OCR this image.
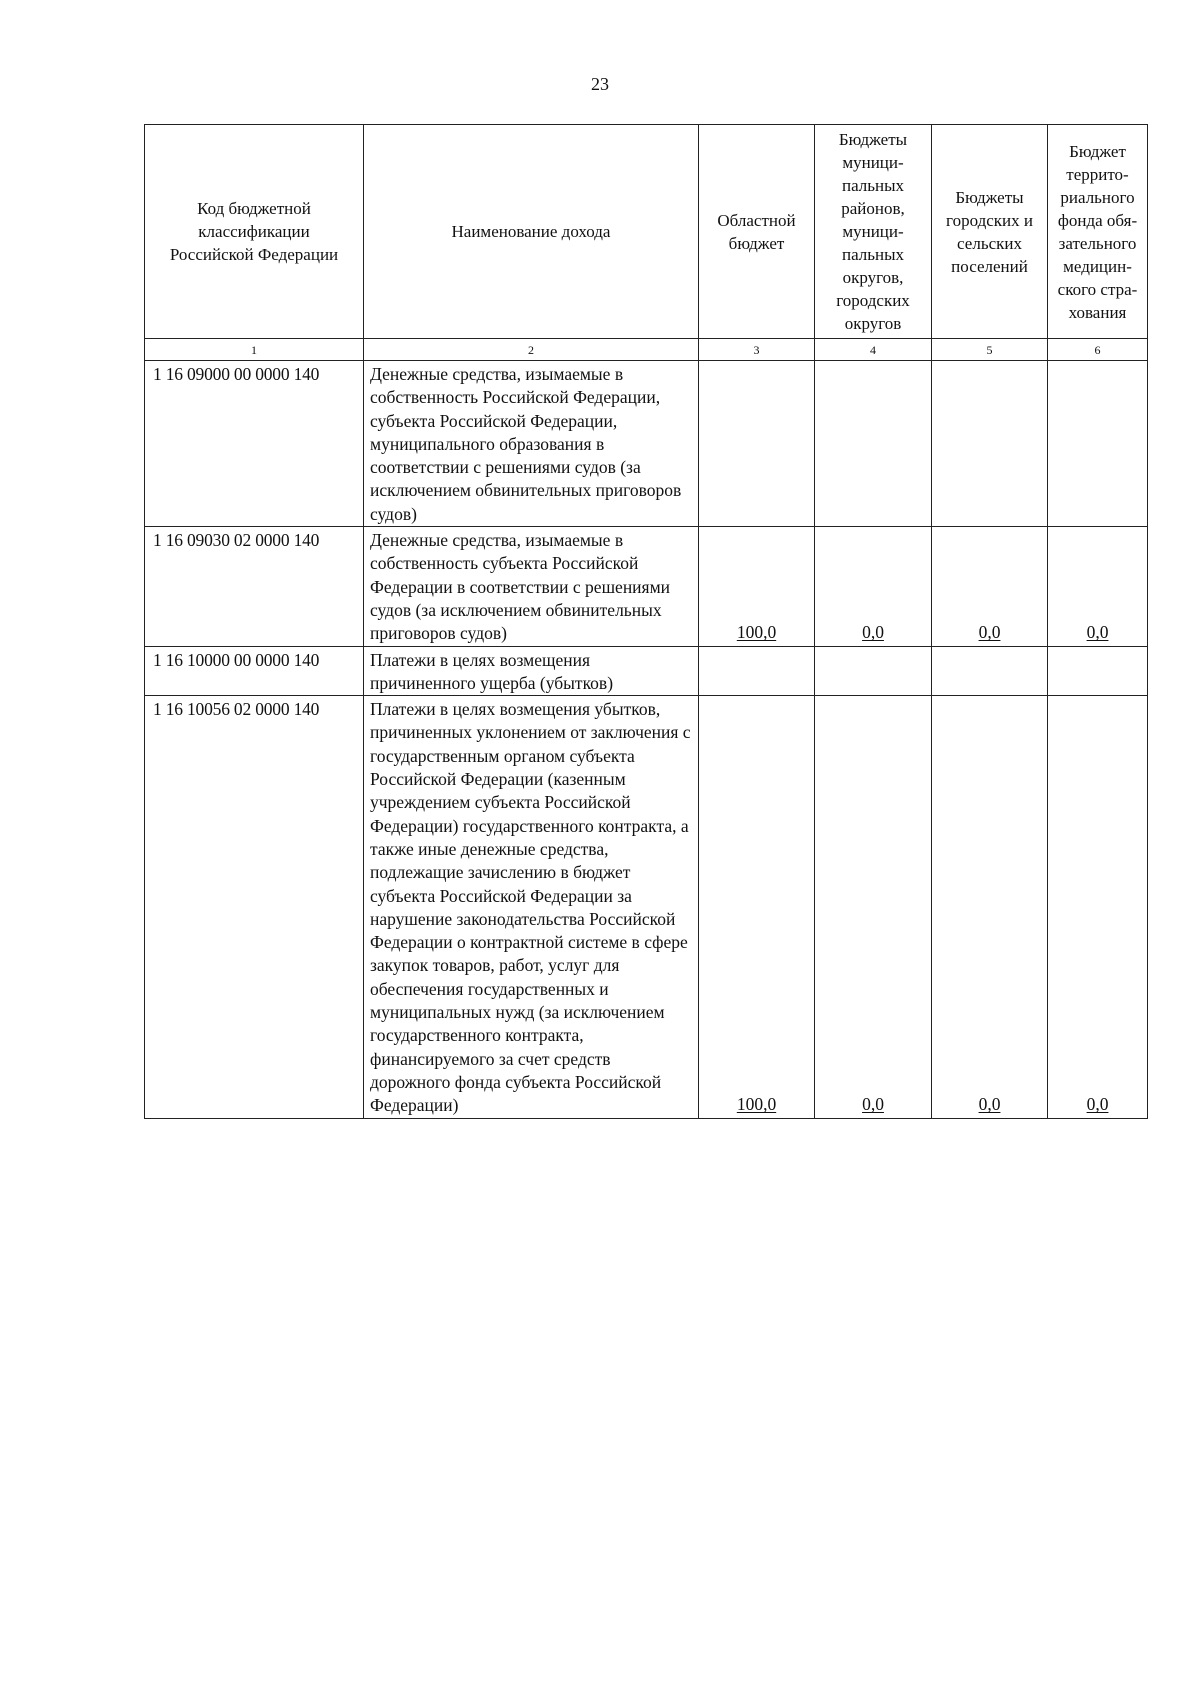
23
Код бюджетной классификации Российской Федерации	Наименование дохода	Областной бюджет	Бюджеты муници-пальных районов, муници-пальных округов, городских округов	Бюджеты городских и сельских поселений	Бюджет террито-риального фонда обя-зательного медицин-ского стра-хования
1	2	3	4	5	6
1 16 09000 00 0000 140	Денежные средства, изымаемые в собственность Российской Федерации, субъекта Российской Федерации, муниципального образования в соответствии с решениями судов (за исключением обвинительных приговоров судов)				
1 16 09030 02 0000 140	Денежные средства, изымаемые в собственность субъекта Российской Федерации в соответствии с решениями судов (за исключением обвинительных приговоров судов)	100,0	0,0	0,0	0,0
1 16 10000 00 0000 140	Платежи в целях возмещения причиненного ущерба (убытков)				
1 16 10056 02 0000 140	Платежи в целях возмещения убытков, причиненных уклонением от заключения с государственным органом субъекта Российской Федерации (казенным учреждением субъекта Российской Федерации) государственного контракта, а также иные денежные средства, подлежащие зачислению в бюджет субъекта Российской Федерации за нарушение законодательства Российской Федерации о контрактной системе в сфере закупок товаров, работ, услуг для обеспечения государственных и муниципальных нужд (за исключением государственного контракта, финансируемого за счет средств дорожного фонда субъекта Российской Федерации)	100,0	0,0	0,0	0,0
